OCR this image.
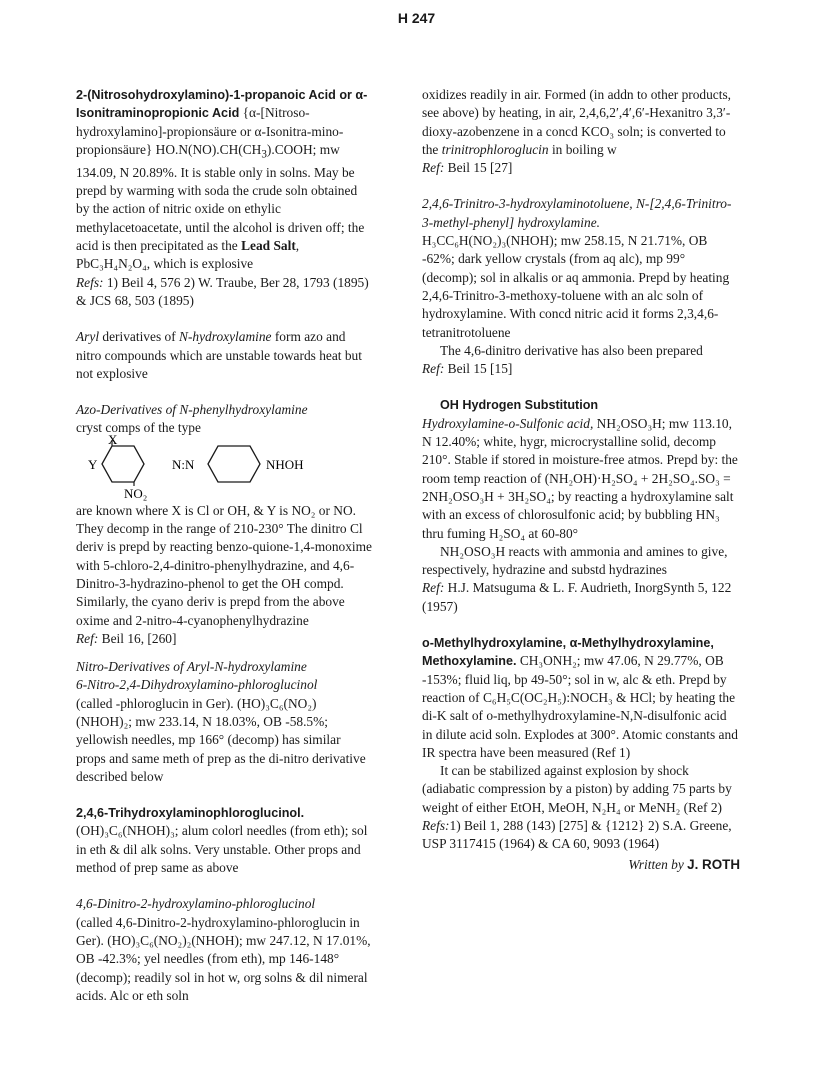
H 247

2-(Nitrosohydroxylamino)-1-propanoic Acid or α-Isonitraminopropionic Acid {α-[Nitroso-hydroxylamino]-propionsäure or α-Isonitra-mino-propionsäure} $HO.N(NO).CH(CH_3).COOH$; mw 134.09, N 20.89%. It is stable only in solns. May be prepd by warming with soda the crude soln obtained by the action of nitric oxide on ethylic methylacetoacetate, until the alcohol is driven off; the acid is then precipitated as the Lead Salt, PbC₃H₄N₂O₄, which is explosive
Refs: 1) Beil 4, 576 2) W. Traube, Ber 28, 1793 (1895) & JCS 68, 503 (1895)

Aryl derivatives of N-hydroxylamine form azo and nitro compounds which are unstable towards heat but not explosive

Azo-Derivatives of N-phenylhydroxylamine

cryst comps of the type

X
Y	N:N	NHOH
NO₂

are known where X is Cl or OH, & Y is NO₂ or NO. They decomp in the range of 210-230° The dinitro Cl deriv is prepd by reacting benzo-quione-1,4-monoxime with 5-chloro-2,4-dinitro-phenylhydrazine, and 4,6-Dinitro-3-hydrazino-phenol to get the OH compd. Similarly, the cyano deriv is prepd from the above oxime and 2-nitro-4-cyanophenylhydrazine

Ref: Beil 16, [260]

Nitro-Derivatives of Aryl-N-hydroxylamine

6-Nitro-2,4-Dihydroxylamino-phloroglucinol

(called -phloroglucin in Ger). (HO)₃C₆(NO₂)(NHOH)₂; mw 233.14, N 18.03%, OB -58.5%; yellowish needles, mp 166° (decomp) has similar props and same meth of prep as the di-nitro derivative described below

2,4,6-Trihydroxylaminophloroglucinol.

(OH)₃C₆(NHOH)₃; alum colorl needles (from eth); sol in eth & dil alk solns. Very unstable. Other props and method of prep same as above

4,6-Dinitro-2-hydroxylamino-phloroglucinol

(called 4,6-Dinitro-2-hydroxylamino-phloroglucin in Ger). (HO)₃C₆(NO₂)₂(NHOH); mw 247.12, N 17.01%, OB -42.3%; yel needles (from eth), mp 146-148° (decomp); readily sol in hot w, org solns & dil nimeral acids. Alc or eth soln

oxidizes readily in air. Formed (in addn to other products, see above) by heating, in air, 2,4,6,2′,4′,6′-Hexanitro 3,3′-dioxy-azobenzene in a concd KCO₃ soln; is converted to the trinitrophloroglucin in boiling w

Ref: Beil 15 [27]

2,4,6-Trinitro-3-hydroxylaminotoluene, N-[2,4,6-Trinitro-3-methyl-phenyl] hydroxylamine.

H₃CC₆H(NO₂)₃(NHOH); mw 258.15, N 21.71%, OB -62%; dark yellow crystals (from aq alc), mp 99° (decomp); sol in alkalis or aq ammonia. Prepd by heating 2,4,6-Trinitro-3-methoxy-toluene with an alc soln of hydroxylamine. With concd nitric acid it forms 2,3,4,6-tetranitrotoluene

The 4,6-dinitro derivative has also been prepared

Ref: Beil 15 [15]

OH Hydrogen Substitution

Hydroxylamine-o-Sulfonic acid, NH₂OSO₃H; mw 113.10, N 12.40%; white, hygr, microcrystalline solid, decomp 210°. Stable if stored in moisture-free atmos. Prepd by: the room temp reaction of (NH₂OH)·H₂SO₄ + 2H₂SO₄.SO₃ = 2NH₂OSO₃H + 3H₂SO₄; by reacting a hydroxylamine salt with an excess of chlorosulfonic acid; by bubbling HN₃ thru fuming H₂SO₄ at 60-80°

NH₂OSO₃H reacts with ammonia and amines to give, respectively, hydrazine and substd hydrazines

Ref: H.J. Matsuguma & L. F. Audrieth, InorgSynth 5, 122 (1957)

o-Methylhydroxylamine, α-Methylhydroxylamine, Methoxylamine. CH₃ONH₂; mw 47.06, N 29.77%, OB -153%; fluid liq, bp 49-50°; sol in w, alc & eth. Prepd by reaction of C₆H₅C(OC₂H₅):NOCH₃ & HCl; by heating the di-K salt of o-methylhydroxylamine-N,N-disulfonic acid in dilute acid soln. Explodes at 300°. Atomic constants and IR spectra have been measured (Ref 1)

It can be stabilized against explosion by shock (adiabatic compression by a piston) by adding 75 parts by weight of either EtOH, MeOH, N₂H₄ or MeNH₂ (Ref 2)

Refs:1) Beil 1, 288 (143) [275] & {1212} 2) S.A. Greene, USP 3117415 (1964) & CA 60, 9093 (1964)

Written by J. ROTH
